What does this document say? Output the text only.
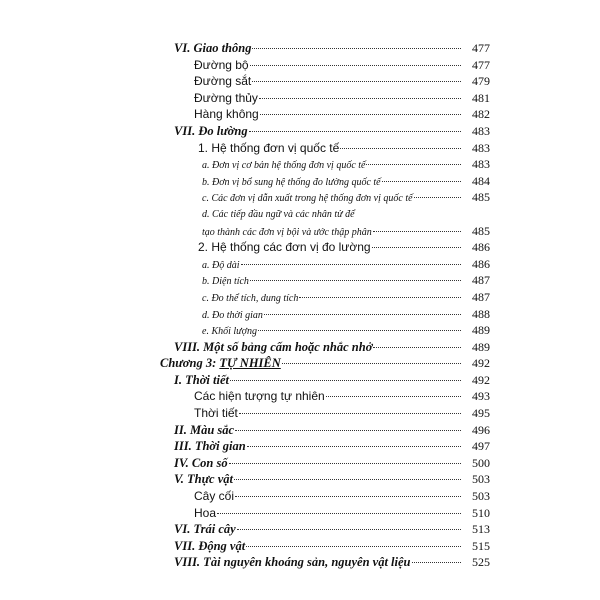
VI. Giao thông	477
Đường bộ	477
Đường sắt	479
Đường thủy	481
Hàng không	482
VII. Đo lường	483
1. Hệ thống đơn vị quốc tế	483
a. Đơn vị cơ bản hệ thống đơn vị quốc tế	483
b. Đơn vị bổ sung hệ thống đo lường quốc tế	484
c. Các đơn vị dẫn xuất trong hệ thống đơn vị quốc tế	485
d. Các tiếp đầu ngữ và các nhân tử để
tạo thành các đơn vị bội và ước thập phân	485
2. Hệ thống các đơn vị đo lường	486
a. Độ dài	486
b. Diện tích	487
c. Đo thể tích, dung tích	487
d. Đo thời gian	488
e. Khối lượng	489
VIII. Một số bảng cấm hoặc nhắc nhở	489
Chương 3: TỰ NHIÊN	492
I. Thời tiết	492
Các hiện tượng tự nhiên	493
Thời tiết	495
II. Màu sắc	496
III. Thời gian	497
IV. Con số	500
V. Thực vật	503
Cây cối	503
Hoa	510
VI. Trái cây	513
VII. Động vật	515
VIII. Tài nguyên khoáng sản, nguyên vật liệu	525
